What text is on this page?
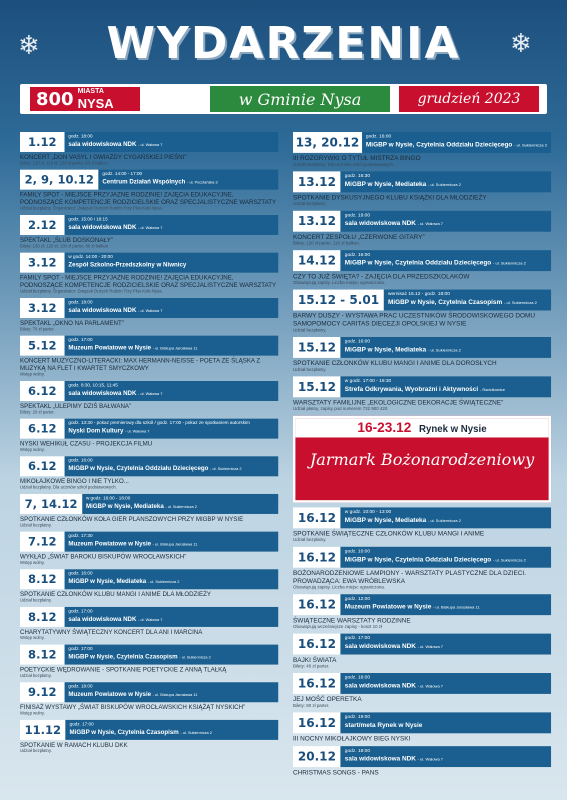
❄	❄
WYDARZENIA
800 MIASTA
NYSA	w Gminie Nysa	grudzień 2023
1.12	godz. 18:00
sala widowiskowa NDK - ul. Wałowa 7
KONCERT „DON VASYL I GWIAZDY CYGAŃSKIEJ PIEŚNI”
Bilety: 120 zł, 110 zł, 100 zł parter, 60 zł balkon.
2, 9, 10.12	godz. 14:00 - 17:00
Centrum Działań Wspólnych - ul. Pocztańska 3
FAMILY SPOT - MIEJSCE PRZYJAZNE RODZINIE! ZAJĘCIA EDUKACYJNE, PODNOSZĄCE KOMPETENCJE RODZICIELSKIE ORAZ SPECJALISTYCZNE WARSZTATY
Udział bezpłatny. Organizator: Związek Dużych Rodzin Trzy Plus Koło Nysa.
2.12	godz. 15:00 i 18:15
sala widowiskowa NDK - ul. Wałowa 7
SPEKTAKL „ŚLUB DOSKONAŁY”
Bilety: 130 zł, 120 zł, 100 zł parter, 80 zł balkon
3.12	w godz. 14:00 - 20:00
Zespół Szkolno-Przedszkolny w Niwnicy
FAMILY SPOT - MIEJSCE PRZYJAZNE RODZINIE! ZAJĘCIA EDUKACYJNE, PODNOSZĄCE KOMPETENCJE RODZICIELSKIE ORAZ SPECJALISTYCZNE WARSZTATY
Udział bezpłatny. Organizator: Związek Dużych Rodzin Trzy Plus Koło Nysa.
3.12	godz. 18:00
sala widowiskowa NDK - ul. Wałowa 7
SPEKTAKL „OKNO NA PARLAMENT”
Bilety: 70 zł parter.
5.12	godz. 17:00
Muzeum Powiatowe w Nysie - ul. Biskupa Jarosława 11
KONCERT MUZYCZNO-LITERACKI: MAX HERMANN-NEISSE - POETA ZE ŚLĄSKA Z MUZYKĄ NA FLET I KWARTET SMYCZKOWY
Wstęp wolny.
6.12	godz. 8:30, 10:15, 11:45
sala widowiskowa NDK - ul. Wałowa 7
SPEKTAKL „ULEPIMY DZIŚ BAŁWANA”
Bilety: 20 zł parter.
6.12	godz. 13:30 - pokaz premierowy dla szkół / godz. 17:00 - pokaz ze spotkaniem autorskim
Nyski Dom Kultury - ul. Wałowa 7
NYSKI WEHIKUŁ CZASU - PROJEKCJA FILMU
Wstęp wolny.
6.12	godz. 16:00
MiGBP w Nysie, Czytelnia Oddziału Dziecięcego - ul. Sukiennicza 2
MIKOŁAJKOWE BINGO I NIE TYLKO...
Udział bezpłatny. Dla uczniów szkół podstawowych.
7, 14.12	w godz. 16:00 - 18:00
MiGBP w Nysie, Mediateka - ul. Sukiennicza 2
SPOTKANIE CZŁONKÓW KOŁA GIER PLANSZOWYCH PRZY MIGBP W NYSIE
Udział bezpłatny.
7.12	godz. 17:30
Muzeum Powiatowe w Nysie - ul. Biskupa Jarosława 11
WYKŁAD „ŚWIAT BAROKU BISKUPÓW WROCŁAWSKICH”
Wstęp wolny.
8.12	godz. 16:00
MiGBP w Nysie, Mediateka - ul. Sukiennicza 2
SPOTKANIE CZŁONKÓW KLUBU MANGI I ANIME DLA MŁODZIEŻY
Udział bezpłatny.
8.12	godz. 17:00
sala widowiskowa NDK - ul. Wałowa 7
CHARYTATYWNY ŚWIĄTECZNY KONCERT DLA ANI I MARCINA
Wstęp wolny.
8.12	godz. 17:00
MiGBP w Nysie, Czytelnia Czasopism - ul. Sukiennicza 2
POETYCKIE WĘDROWANIE - SPOTKANIE POETYCKIE Z ANNĄ TLAŁKĄ
Udział bezpłatny.
9.12	godz. 18:00
Muzeum Powiatowe w Nysie - ul. Biskupa Jarosława 11
FINISAŻ WYSTAWY „ŚWIAT BISKUPÓW WROCŁAWSKICH KSIĄŻĄT NYSKICH”
Wstęp wolny.
11.12	godz. 17:00
MiGBP w Nysie, Czytelnia Czasopism - ul. Sukiennicza 2
SPOTKANIE W RAMACH KLUBU DKK
Udział bezpłatny.
13, 20.12	godz. 16:00
MiGBP w Nysie, Czytelnia Oddziału Dziecięcego - ul. Sukiennicza 2
III ROZGRYWKI O TYTUŁ MISTRZA BINGO
Udział bezpłatny. Dla uczniów szkół podstawowych.
13.12	godz. 16:30
MiGBP w Nysie, Mediateka - ul. Sukiennicza 2
SPOTKANIE DYSKUSYJNEGO KLUBU KSIĄŻKI DLA MŁODZIEŻY
Udział bezpłatny.
13.12	godz. 19:00
sala widowiskowa NDK - ul. Wałowa 7
KONCERT ZESPOŁU „CZERWONE GITARY”
Bilety: 120 zł parter, 110 zł balkon.
14.12	godz. 16:00
MiGBP w Nysie, Czytelnia Oddziału Dziecięcego - ul. Sukiennicza 2
CZY TO JUŻ ŚWIĘTA? - ZAJĘCIA DLA PRZEDSZKOLAKÓW
Obowiązują zapisy. Liczba miejsc ograniczona.
15.12 - 5.01	wernisaż 15.12 - godz. 18:00
MiGBP w Nysie, Czytelnia Czasopism - ul. Sukiennicza 2
BARWY DUSZY - WYSTAWA PRAC UCZESTNIKÓW ŚRODOWISKOWEGO DOMU SAMOPOMOCY CARITAS DIECEZJI OPOLSKIEJ W NYSIE
Udział bezpłatny.
15.12	godz. 16:00
MiGBP w Nysie, Mediateka - ul. Sukiennicza 2
SPOTKANIE CZŁONKÓW KLUBU MANGI I ANIME DLA DOROSŁYCH
Udział bezpłatny.
15.12	w godz. 17:00 - 18:30
Strefa Odkrywania, Wyobraźni i Aktywności - Radzikowice
WARSZTATY FAMILIJNE „EKOLOGICZNE DEKORACJE ŚWIĄTECZNE”
Udział płatny, zapisy pod numerem 732 900 420
16-23.12 Rynek w Nysie
Jarmark Bożonarodzeniowy
16.12	w godz. 10:00 - 13:00
MiGBP w Nysie, Mediateka - ul. Sukiennicza 2
SPOTKANIE ŚWIĄTECZNE CZŁONKÓW KLUBU MANGI I ANIME
Udział bezpłatny.
16.12	godz. 10:00
MiGBP w Nysie, Czytelnia Oddziału Dziecięcego - ul. Sukiennicza 2
BOŻONARODZENIOWE LAMPIONY - WARSZTATY PLASTYCZNE DLA DZIECI. PROWADZĄCA: EWA WRÓBLEWSKA
Obowiązują zapisy. Liczba miejsc ograniczona.
16.12	godz. 12:00
Muzeum Powiatowe w Nysie - ul. Biskupa Jarosława 11
ŚWIĄTECZNE WARSZTATY RODZINNE
Obowiązują wcześniejsze zapisy - koszt 10 zł
16.12	godz. 17:00
sala widowiskowa NDK - ul. Wałowa 7
BAJKI ŚWIATA
Bilety: 40 zł parter.
16.12	godz. 18:00
sala widowiskowa NDK - ul. Wałowa 7
JEJ MOŚĆ OPERETKA
Bilety: 80 zł parter.
16.12	godz. 19:00
start/meta Rynek w Nysie
III NOCNY MIKOŁAJKOWY BIEG NYSKI
20.12	godz. 18:00
sala widowiskowa NDK - ul. Wałowa 7
CHRISTMAS SONGS - PANS
